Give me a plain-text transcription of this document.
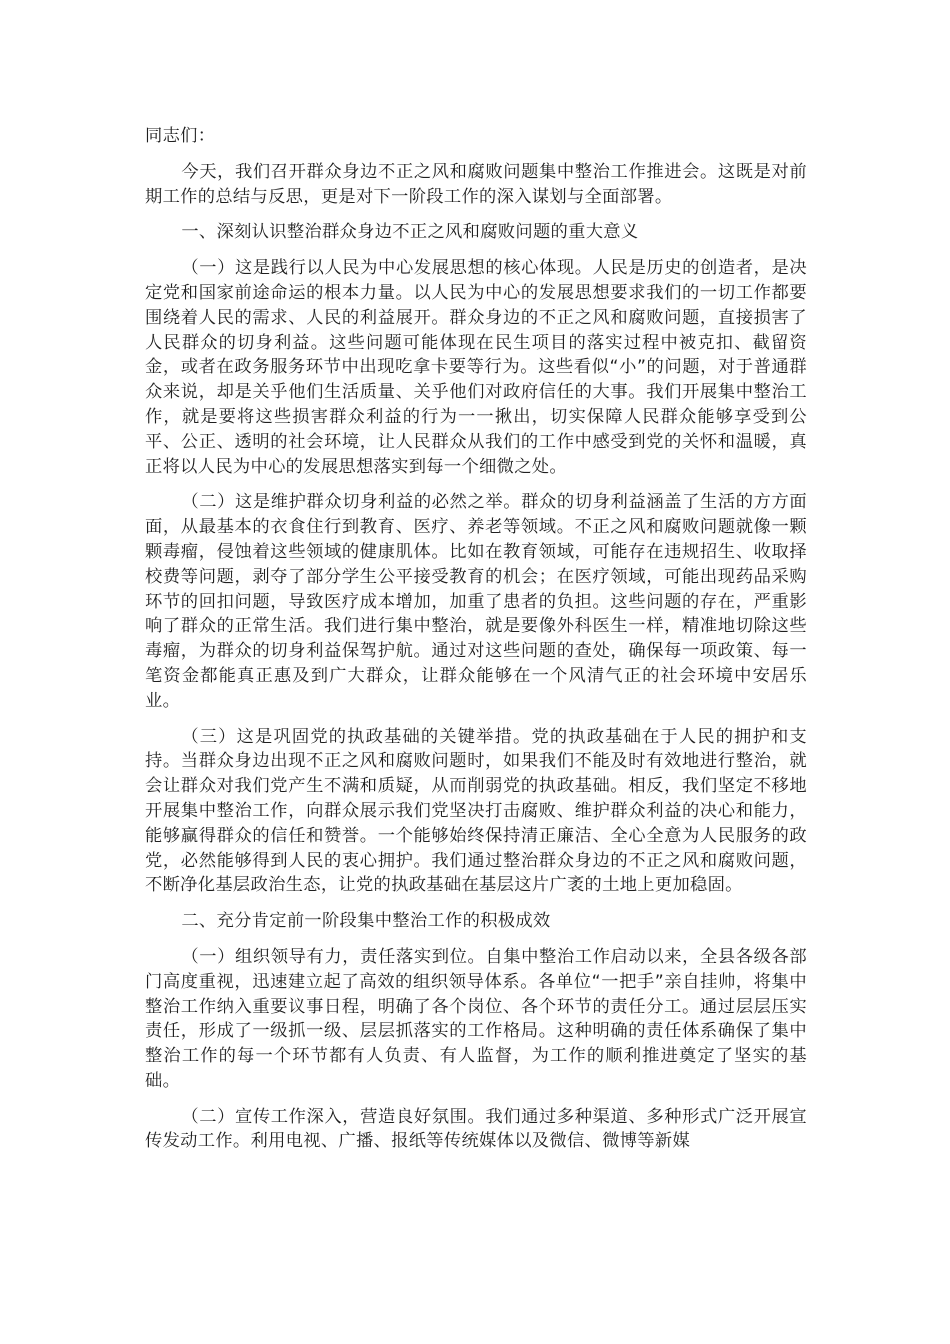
同志们：

今天，我们召开群众身边不正之风和腐败问题集中整治工作推进会。这既是对前期工作的总结与反思，更是对下一阶段工作的深入谋划与全面部署。

一、深刻认识整治群众身边不正之风和腐败问题的重大意义

（一）这是践行以人民为中心发展思想的核心体现。人民是历史的创造者，是决定党和国家前途命运的根本力量。以人民为中心的发展思想要求我们的一切工作都要围绕着人民的需求、人民的利益展开。群众身边的不正之风和腐败问题，直接损害了人民群众的切身利益。这些问题可能体现在民生项目的落实过程中被克扣、截留资金，或者在政务服务环节中出现吃拿卡要等行为。这些看似“小”的问题，对于普通群众来说，却是关乎他们生活质量、关乎他们对政府信任的大事。我们开展集中整治工作，就是要将这些损害群众利益的行为一一揪出，切实保障人民群众能够享受到公平、公正、透明的社会环境，让人民群众从我们的工作中感受到党的关怀和温暖，真正将以人民为中心的发展思想落实到每一个细微之处。

（二）这是维护群众切身利益的必然之举。群众的切身利益涵盖了生活的方方面面，从最基本的衣食住行到教育、医疗、养老等领域。不正之风和腐败问题就像一颗颗毒瘤，侵蚀着这些领域的健康肌体。比如在教育领域，可能存在违规招生、收取择校费等问题，剥夺了部分学生公平接受教育的机会；在医疗领域，可能出现药品采购环节的回扣问题，导致医疗成本增加，加重了患者的负担。这些问题的存在，严重影响了群众的正常生活。我们进行集中整治，就是要像外科医生一样，精准地切除这些毒瘤，为群众的切身利益保驾护航。通过对这些问题的查处，确保每一项政策、每一笔资金都能真正惠及到广大群众，让群众能够在一个风清气正的社会环境中安居乐业。

（三）这是巩固党的执政基础的关键举措。党的执政基础在于人民的拥护和支持。当群众身边出现不正之风和腐败问题时，如果我们不能及时有效地进行整治，就会让群众对我们党产生不满和质疑，从而削弱党的执政基础。相反，我们坚定不移地开展集中整治工作，向群众展示我们党坚决打击腐败、维护群众利益的决心和能力，能够赢得群众的信任和赞誉。一个能够始终保持清正廉洁、全心全意为人民服务的政党，必然能够得到人民的衷心拥护。我们通过整治群众身边的不正之风和腐败问题，不断净化基层政治生态，让党的执政基础在基层这片广袤的土地上更加稳固。

二、充分肯定前一阶段集中整治工作的积极成效

（一）组织领导有力，责任落实到位。自集中整治工作启动以来，全县各级各部门高度重视，迅速建立起了高效的组织领导体系。各单位“一把手”亲自挂帅，将集中整治工作纳入重要议事日程，明确了各个岗位、各个环节的责任分工。通过层层压实责任，形成了一级抓一级、层层抓落实的工作格局。这种明确的责任体系确保了集中整治工作的每一个环节都有人负责、有人监督，为工作的顺利推进奠定了坚实的基础。

（二）宣传工作深入，营造良好氛围。我们通过多种渠道、多种形式广泛开展宣传发动工作。利用电视、广播、报纸等传统媒体以及微信、微博等新媒
